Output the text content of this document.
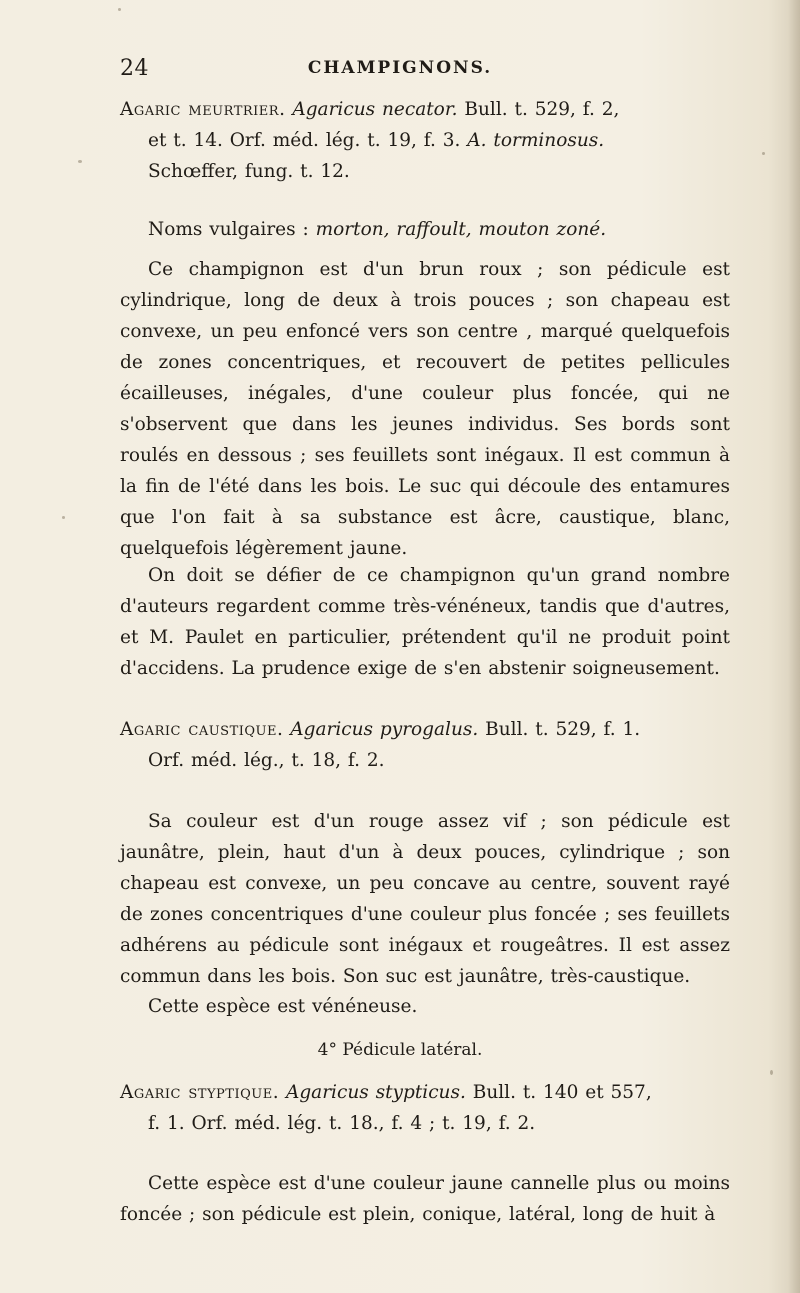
24	CHAMPIGNONS.
Agaric meurtrier. Agaricus necator. Bull. t. 529, f. 2,
et t. 14. Orf. méd. lég. t. 19, f. 3. A. torminosus.
Schœffer, fung. t. 12.
Noms vulgaires : morton, raffoult, mouton zoné.
Ce champignon est d'un brun roux ; son pédicule est cylindrique, long de deux à trois pouces ; son chapeau est convexe, un peu enfoncé vers son centre , marqué quelquefois de zones concentriques, et recouvert de petites pellicules écailleuses, inégales, d'une couleur plus foncée, qui ne s'observent que dans les jeunes individus. Ses bords sont roulés en dessous ; ses feuillets sont inégaux. Il est commun à la fin de l'été dans les bois. Le suc qui découle des entamures que l'on fait à sa substance est âcre, caustique, blanc, quelquefois légèrement jaune.
On doit se défier de ce champignon qu'un grand nombre d'auteurs regardent comme très-vénéneux, tandis que d'autres, et M. Paulet en particulier, prétendent qu'il ne produit point d'accidens. La prudence exige de s'en abstenir soigneusement.
Agaric caustique. Agaricus pyrogalus. Bull. t. 529, f. 1.
Orf. méd. lég., t. 18, f. 2.
Sa couleur est d'un rouge assez vif ; son pédicule est jaunâtre, plein, haut d'un à deux pouces, cylindrique ; son chapeau est convexe, un peu concave au centre, souvent rayé de zones concentriques d'une couleur plus foncée ; ses feuillets adhérens au pédicule sont inégaux et rougeâtres. Il est assez commun dans les bois. Son suc est jaunâtre, très-caustique.
Cette espèce est vénéneuse.
4° Pédicule latéral.
Agaric styptique. Agaricus stypticus. Bull. t. 140 et 557,
f. 1. Orf. méd. lég. t. 18., f. 4 ; t. 19, f. 2.
Cette espèce est d'une couleur jaune cannelle plus ou moins foncée ; son pédicule est plein, conique, latéral, long de huit à
